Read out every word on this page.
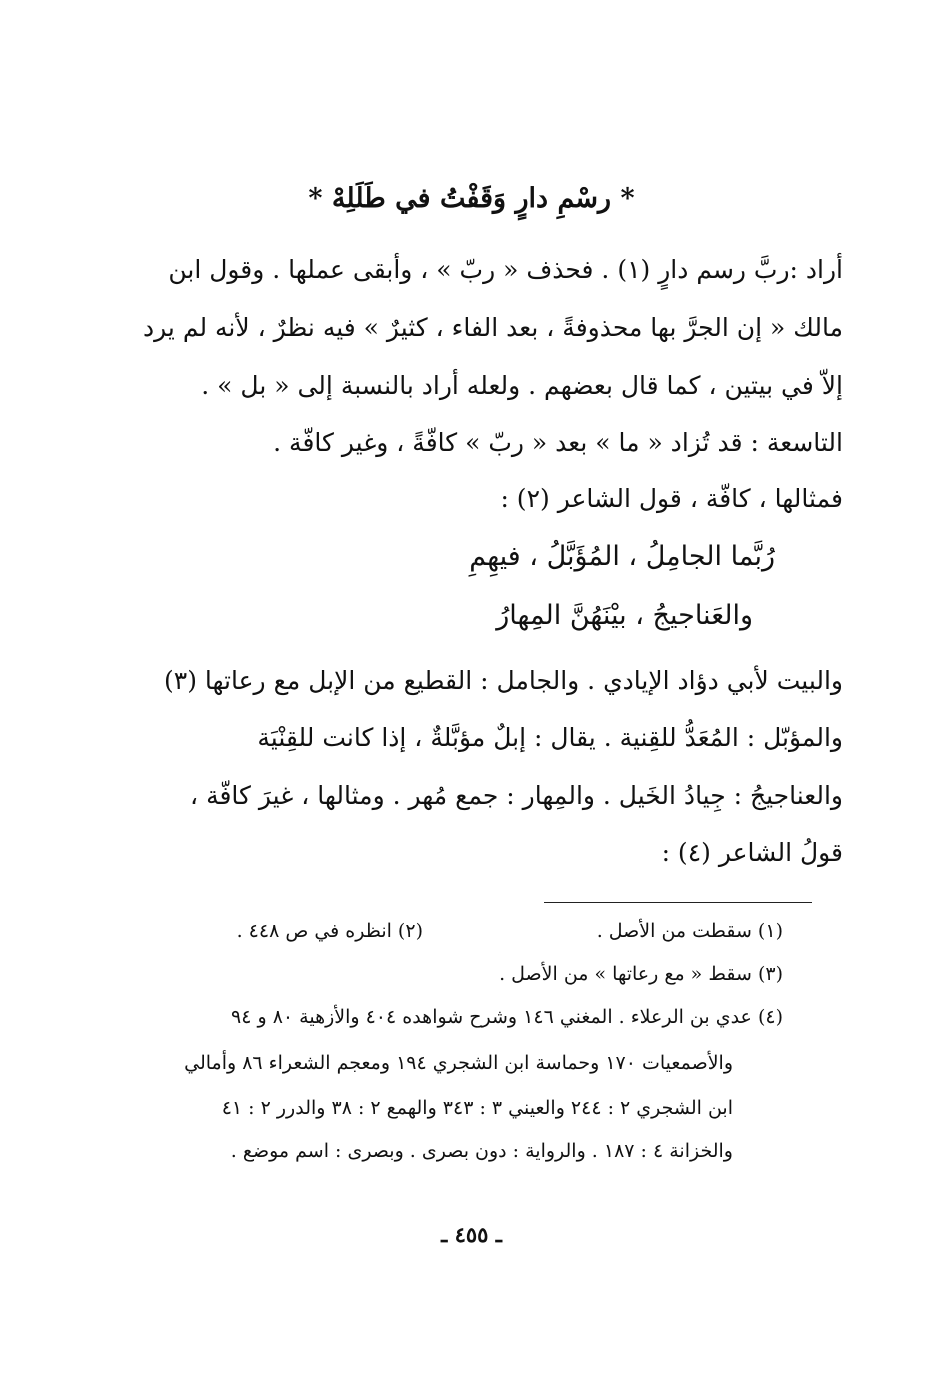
* رسْمِ دارٍ وَقَفْتُ في طَلَلِهْ *
أراد :ربَّ رسم دارٍ (١) . فحذف « ربّ » ، وأبقى عملها . وقول ابن
مالك « إن الجرَّ بها محذوفةً ، بعد الفاء ، كثيرٌ » فيه نظرٌ ، لأنه لم يرد
إلاّ في بيتين ، كما قال بعضهم . ولعله أراد بالنسبة إلى « بل » .
التاسعة : قد تُزاد « ما » بعد « ربّ » كافّةً ، وغير كافّة .
فمثالها ، كافّة ، قول الشاعر (٢) :
رُبَّما الجامِلُ ، المُؤَبَّلُ ، فيهِمِ
والعَناجيجُ ، بيْنَهُنَّ المِهارُ
والبيت لأبي دؤاد الإيادي . والجامل : القطيع من الإبل مع رعاتها (٣)
والمؤبّل : المُعَدُّ للقِنية . يقال : إبلٌ مؤبَّلةٌ ، إذا كانت للقِنْيَة
والعناجيجُ : جِيادُ الخَيل . والمِهار : جمع مُهر . ومثالها ، غيرَ كافّة ،
قولُ الشاعر (٤) :
(١) سقطت من الأصل .
(٢) انظره في ص ٤٤٨ .
(٣) سقط « مع رعاتها » من الأصل .
(٤) عدي بن الرعلاء . المغني ١٤٦ وشرح شواهده ٤٠٤ والأزهية ٨٠ و ٩٤
والأصمعيات ١٧٠ وحماسة ابن الشجري ١٩٤ ومعجم الشعراء ٨٦ وأمالي
ابن الشجري ٢ : ٢٤٤ والعيني ٣ : ٣٤٣ والهمع ٢ : ٣٨ والدرر ٢ : ٤١
والخزانة ٤ : ١٨٧ . والرواية : دون بصرى . وبصرى : اسم موضع .
ـ ٤٥٥ ـ
